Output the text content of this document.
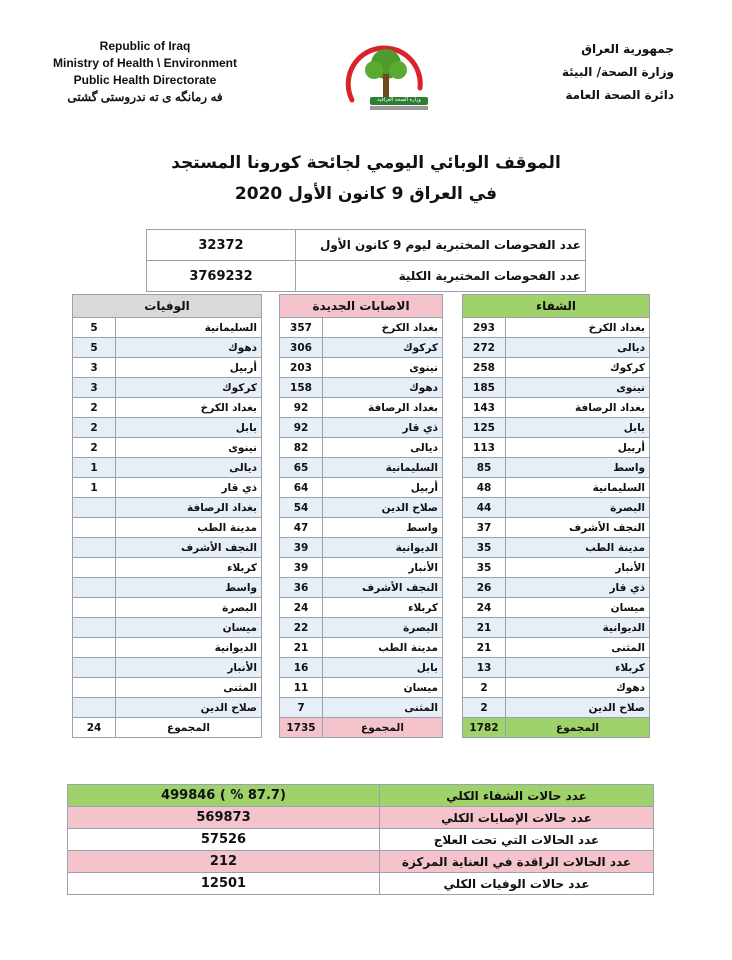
Republic of Iraq
Ministry of Health \ Environment
Public Health Directorate
فه رمانگه ى ته ندروستى گشتى	وزارة الصحة العراقية
جمهورية العراق
وزارة الصحة/ البيئة
دائرة الصحة العامة
الموقف الوبائي اليومي لجائحة كورونا المستجد
في العراق 9 كانون الأول 2020
عدد الفحوصات المختبرية ليوم 9 كانون الأول	32372
عدد الفحوصات المختبرية الكلية	3769232
الشفاء	
بغداد الكرخ	293
ديالى	272
كركوك	258
نينوى	185
بغداد الرصافة	143
بابل	125
أربيل	113
واسط	85
السليمانية	48
البصرة	44
النجف الأشرف	37
مدينة الطب	35
الأنبار	35
ذي قار	26
ميسان	24
الديوانية	21
المثنى	21
كربلاء	13
دهوك	2
صلاح الدين	2
المجموع	1782
الاصابات الجديدة	
بغداد الكرخ	357
كركوك	306
نينوى	203
دهوك	158
بغداد الرصافة	92
ذي قار	92
ديالى	82
السليمانية	65
أربيل	64
صلاح الدين	54
واسط	47
الديوانية	39
الأنبار	39
النجف الأشرف	36
كربلاء	24
البصرة	22
مدينة الطب	21
بابل	16
ميسان	11
المثنى	7
المجموع	1735
الوفيات	
السليمانية	5
دهوك	5
أربيل	3
كركوك	3
بغداد الكرخ	2
بابل	2
نينوى	2
ديالى	1
ذي قار	1
بغداد الرصافة	
مدينة الطب	
النجف الأشرف	
كربلاء	
واسط	
البصرة	
ميسان	
الديوانية	
الأنبار	
المثنى	
صلاح الدين	
المجموع	24
عدد حالات الشفاء الكلي	(87.7 % ) 499846
عدد حالات الإصابات الكلي	569873
عدد الحالات التي تحت العلاج	57526
عدد الحالات الراقدة في العناية المركزة	212
عدد حالات الوفيات الكلي	12501
